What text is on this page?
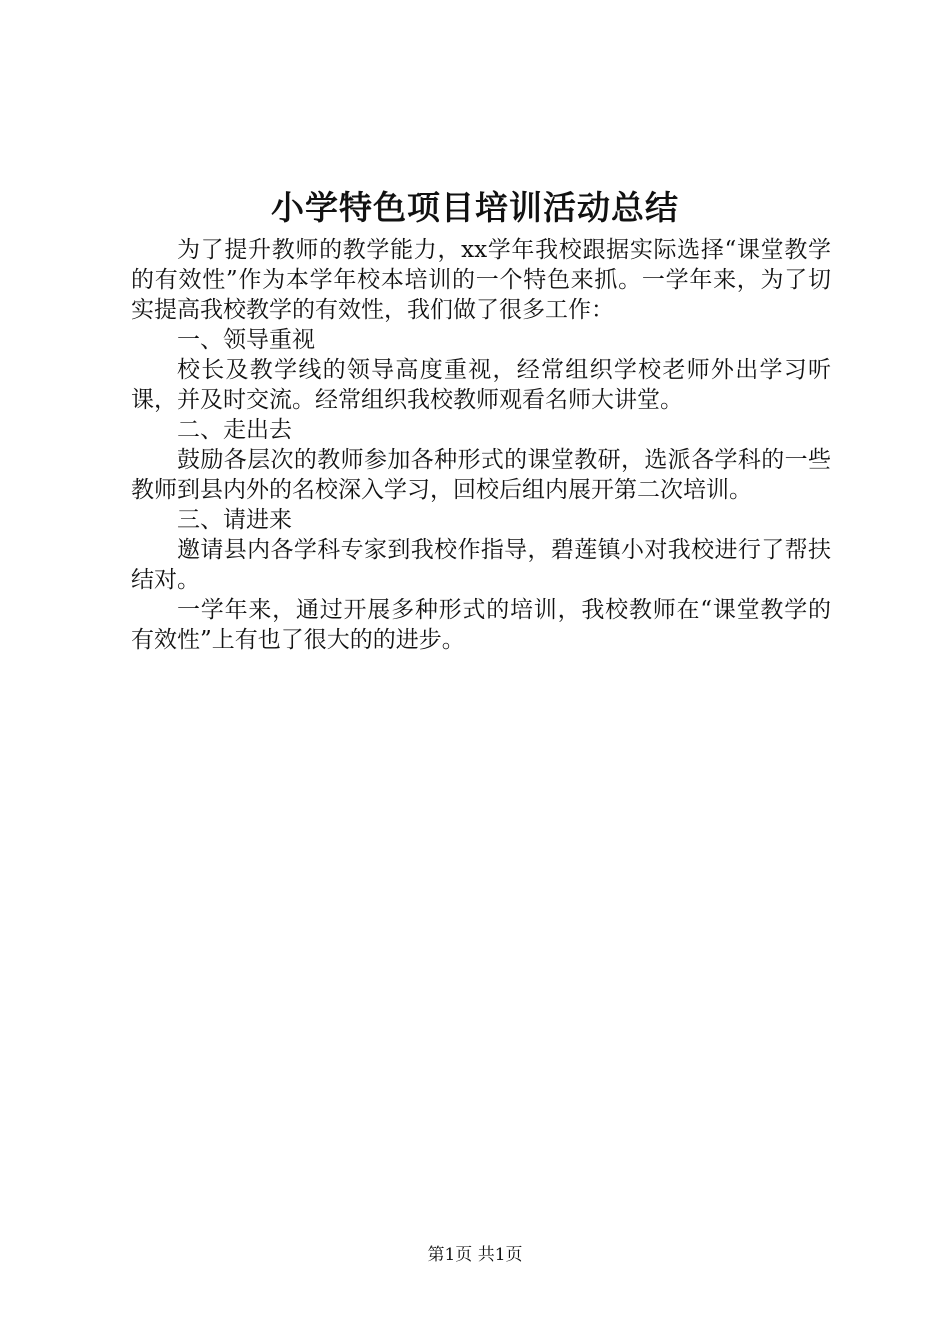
小学特色项目培训活动总结

为了提升教师的教学能力，xx学年我校跟据实际选择“课堂教学的有效性”作为本学年校本培训的一个特色来抓。一学年来，为了切实提高我校教学的有效性，我们做了很多工作：

一、领导重视

校长及教学线的领导高度重视，经常组织学校老师外出学习听课，并及时交流。经常组织我校教师观看名师大讲堂。

二、走出去

鼓励各层次的教师参加各种形式的课堂教研，选派各学科的一些教师到县内外的名校深入学习，回校后组内展开第二次培训。

三、请进来

邀请县内各学科专家到我校作指导，碧莲镇小对我校进行了帮扶结对。

一学年来，通过开展多种形式的培训，我校教师在“课堂教学的有效性”上有也了很大的的进步。

第1页 共1页
